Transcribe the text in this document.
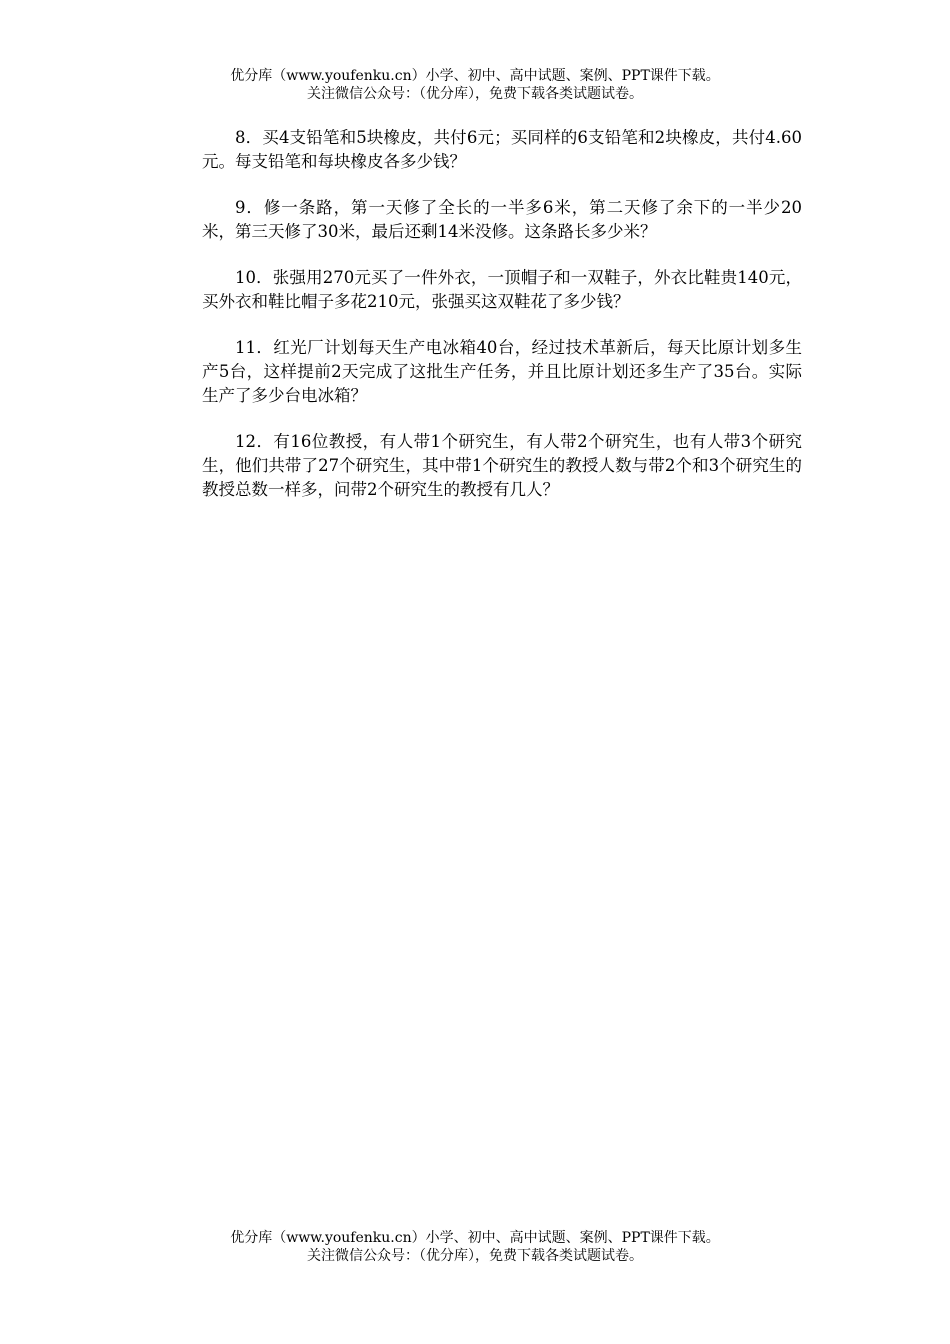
优分库（www.youfenku.cn）小学、初中、高中试题、案例、PPT课件下载。
关注微信公众号：（优分库），免费下载各类试题试卷。

8．买4支铅笔和5块橡皮，共付6元；买同样的6支铅笔和2块橡皮，共付4.60元。每支铅笔和每块橡皮各多少钱？

9．修一条路，第一天修了全长的一半多6米，第二天修了余下的一半少20米，第三天修了30米，最后还剩14米没修。这条路长多少米？

10．张强用270元买了一件外衣，一顶帽子和一双鞋子，外衣比鞋贵140元，买外衣和鞋比帽子多花210元，张强买这双鞋花了多少钱？

11．红光厂计划每天生产电冰箱40台，经过技术革新后，每天比原计划多生产5台，这样提前2天完成了这批生产任务，并且比原计划还多生产了35台。实际生产了多少台电冰箱？

12．有16位教授，有人带1个研究生，有人带2个研究生，也有人带3个研究生，他们共带了27个研究生，其中带1个研究生的教授人数与带2个和3个研究生的教授总数一样多，问带2个研究生的教授有几人？

优分库（www.youfenku.cn）小学、初中、高中试题、案例、PPT课件下载。
关注微信公众号：（优分库），免费下载各类试题试卷。
